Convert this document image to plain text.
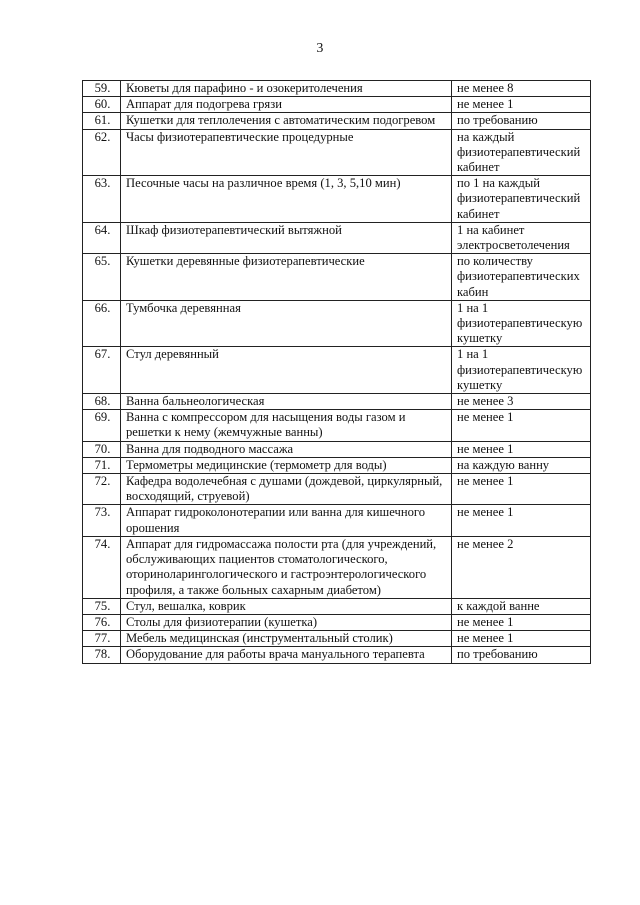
3
59.	Кюветы для парафино - и озокеритолечения	не менее 8
60.	Аппарат для подогрева грязи	не менее 1
61.	Кушетки для теплолечения с автоматическим подогревом	по требованию
62.	Часы физиотерапевтические процедурные	на каждый физиотерапевтический кабинет
63.	Песочные часы на различное время (1, 3, 5,10 мин)	по 1 на каждый физиотерапевтический кабинет
64.	Шкаф физиотерапевтический вытяжной	1 на кабинет электросветолечения
65.	Кушетки деревянные физиотерапевтические	по количеству физиотерапевтических кабин
66.	Тумбочка деревянная	1 на 1 физиотерапевтическую кушетку
67.	Стул деревянный	1 на 1 физиотерапевтическую кушетку
68.	Ванна бальнеологическая	не менее 3
69.	Ванна с компрессором для насыщения воды газом и решетки к нему (жемчужные ванны)	не менее 1
70.	Ванна для подводного массажа	не менее 1
71.	Термометры медицинские (термометр для воды)	на каждую ванну
72.	Кафедра водолечебная с душами (дождевой, циркулярный, восходящий, струевой)	не менее 1
73.	Аппарат гидроколонотерапии или ванна для кишечного орошения	не менее 1
74.	Аппарат для гидромассажа полости рта (для учреждений, обслуживающих пациентов стоматологического, оториноларингологического и гастроэнтерологического профиля, а также больных сахарным диабетом)	не менее 2
75.	Стул, вешалка, коврик	к каждой ванне
76.	Столы для физиотерапии (кушетка)	не менее 1
77.	Мебель медицинская (инструментальный столик)	не менее 1
78.	Оборудование для работы врача мануального терапевта	по требованию
